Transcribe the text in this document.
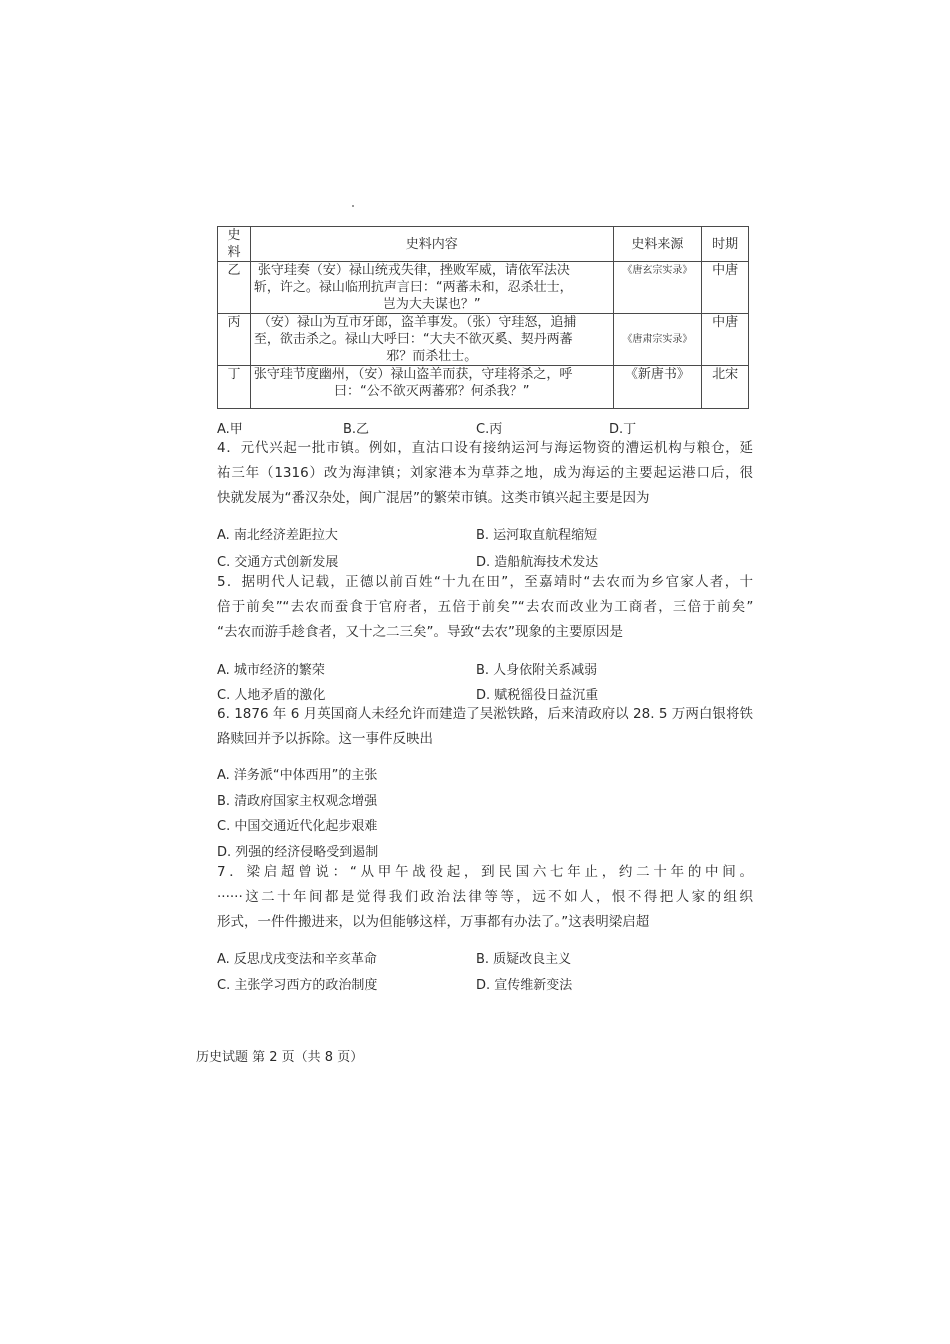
史料	史料内容	史料来源	时期
乙	张守珪奏（安）禄山统戎失律，挫败军威，请依军法决
斩，许之。禄山临刑抗声言曰：“两蕃未和，忍杀壮士，
岂为大夫谋也？”	《唐玄宗实录》	中唐
丙	（安）禄山为互市牙郎，盗羊事发。（张）守珪怒，追捕
至，欲击杀之。禄山大呼曰：“大夫不欲灭奚、契丹两蕃
邪？而杀壮士。	《唐肃宗实录》	中唐
丁	张守珪节度幽州，（安）禄山盗羊而获，守珪将杀之，呼
曰：“公不欲灭两蕃邪？何杀我？”	《新唐书》	北宋
A.甲	B.乙	C.丙	D.丁

4．元代兴起一批市镇。例如，直沽口设有接纳运河与海运物资的漕运机构与粮仓，延

祐三年（1316）改为海津镇；刘家港本为草莽之地，成为海运的主要起运港口后，很

快就发展为“番汉杂处，闽广混居”的繁荣市镇。这类市镇兴起主要是因为

A. 南北经济差距拉大	B. 运河取直航程缩短
C. 交通方式创新发展	D. 造船航海技术发达

5．据明代人记载，正德以前百姓“十九在田”，至嘉靖时“去农而为乡官家人者，十

倍于前矣”“去农而蚕食于官府者，五倍于前矣”“去农而改业为工商者，三倍于前矣”

“去农而游手趁食者，又十之二三矣”。导致“去农”现象的主要原因是

A. 城市经济的繁荣	B. 人身依附关系减弱
C. 人地矛盾的激化	D. 赋税徭役日益沉重

6. 1876 年 6 月英国商人未经允许而建造了吴淞铁路，后来清政府以 28. 5 万两白银将铁

路赎回并予以拆除。这一事件反映出

A. 洋务派“中体西用”的主张
B. 清政府国家主权观念增强
C. 中国交通近代化起步艰难
D. 列强的经济侵略受到遏制

7．梁启超曾说：“从甲午战役起，到民国六七年止，约二十年的中间。

······这二十年间都是觉得我们政治法律等等，远不如人，恨不得把人家的组织

形式，一件件搬进来，以为但能够这样，万事都有办法了。”这表明梁启超

A. 反思戊戌变法和辛亥革命	B. 质疑改良主义
C. 主张学习西方的政治制度	D. 宣传维新变法
历史试题 第 2 页（共 8 页）
